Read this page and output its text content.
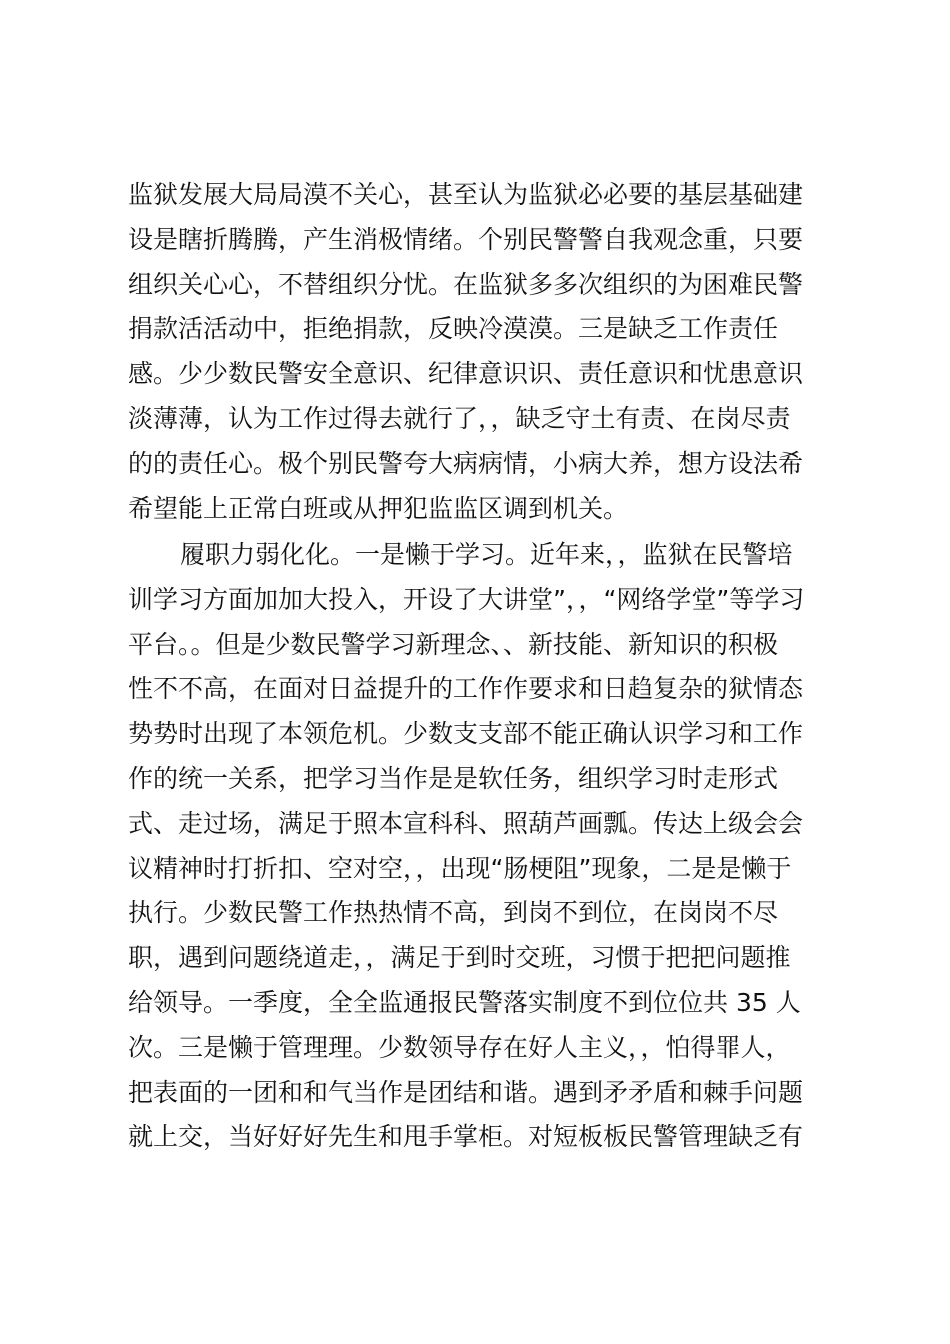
监狱发展大局局漠不关心，甚至认为监狱必必要的基层基础建
设是瞎折腾腾，产生消极情绪。个别民警警自我观念重，只要
组织关心心，不替组织分忧。在监狱多多次组织的为困难民警
捐款活活动中，拒绝捐款，反映冷漠漠。三是缺乏工作责任
感。少少数民警安全意识、纪律意识识、责任意识和忧患意识
淡薄薄，认为工作过得去就行了，，缺乏守土有责、在岗尽责
的的责任心。极个别民警夸大病病情，小病大养，想方设法希
希望能上正常白班或从押犯监监区调到机关。
履职力弱化化。一是懒于学习。近年来，，监狱在民警培
训学习方面加加大投入，开设了大讲堂”，，“网络学堂”等学习
平台。。但是少数民警学习新理念、、新技能、新知识的积极
性不不高，在面对日益提升的工作作要求和日趋复杂的狱情态
势势时出现了本领危机。少数支支部不能正确认识学习和工作
作的统一关系，把学习当作是是软任务，组织学习时走形式
式、走过场，满足于照本宣科科、照葫芦画瓢。传达上级会会
议精神时打折扣、空对空，，出现“肠梗阻”现象，二是是懒于
执行。少数民警工作热热情不高，到岗不到位，在岗岗不尽
职，遇到问题绕道走，，满足于到时交班，习惯于把把问题推
给领导。一季度，全全监通报民警落实制度不到位位共 35 人
次。三是懒于管理理。少数领导存在好人主义，，怕得罪人，
把表面的一团和和气当作是团结和谐。遇到矛矛盾和棘手问题
就上交，当好好好先生和甩手掌柜。对短板板民警管理缺乏有
